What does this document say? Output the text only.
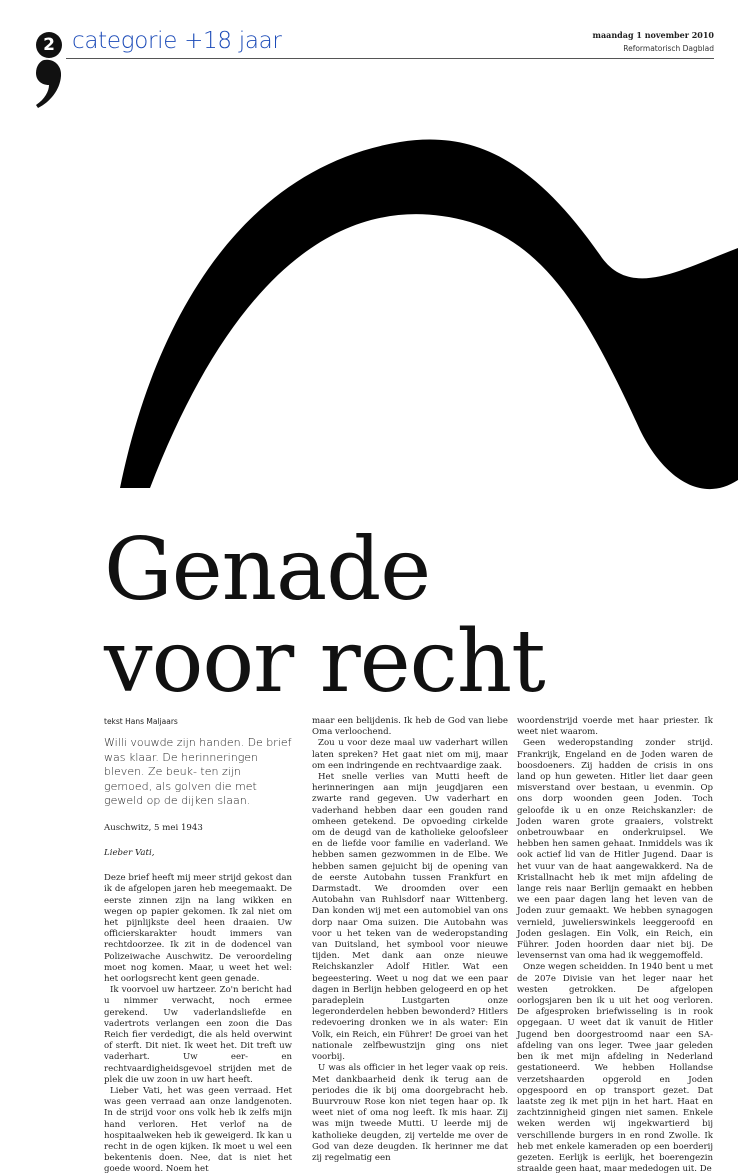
2 categorie +18 jaar	maandag 1 november 2010
Reformatorisch Dagblad
Genade
voor recht
tekst Hans Maljaars
Willi vouwde zijn handen. De brief was klaar. De herinneringen bleven. Ze beuk- ten zijn gemoed, als golven die met geweld op de dijken slaan.
Auschwitz, 5 mei 1943
Lieber Vati,

Deze brief heeft mij meer strijd gekost dan ik de afgelopen jaren heb meegemaakt. De eerste zinnen zijn na lang wikken en wegen op papier gekomen. Ik zal niet om het pijnlijkste deel heen draaien. Uw officierskarakter houdt immers van rechtdoorzee. Ik zit in de dodencel van Polizeiwache Auschwitz. De veroordeling moet nog komen. Maar, u weet het wel: het oorlogsrecht kent geen genade.

Ik voorvoel uw hartzeer. Zo'n bericht had u nimmer verwacht, noch ermee gerekend. Uw vaderlandsliefde en vadertrots verlangen een zoon die Das Reich fier verdedigt, die als held overwint of sterft. Dit niet. Ik weet het. Dit treft uw vaderhart. Uw eer- en rechtvaardigheidsgevoel strijden met de plek die uw zoon in uw hart heeft.

Lieber Vati, het was geen verraad. Het was geen verraad aan onze landgenoten. In de strijd voor ons volk heb ik zelfs mijn hand verloren. Het verlof na de hospitaalweken heb ik geweigerd. Ik kan u recht in de ogen kijken. Ik moet u wel een bekentenis doen. Nee, dat is niet het goede woord. Noem het

maar een belijdenis. Ik heb de God van liebe Oma verloochend.

Zou u voor deze maal uw vaderhart willen laten spreken? Het gaat niet om mij, maar om een indringende en rechtvaardige zaak.

Het snelle verlies van Mutti heeft de herinneringen aan mijn jeugdjaren een zwarte rand gegeven. Uw vaderhart en vaderhand hebben daar een gouden rand omheen getekend. De opvoeding cirkelde om de deugd van de katholieke geloofsleer en de liefde voor familie en vaderland. We hebben samen gezwommen in de Elbe. We hebben samen gejuicht bij de opening van de eerste Autobahn tussen Frankfurt en Darmstadt. We droomden over een Autobahn van Ruhlsdorf naar Wittenberg. Dan konden wij met een automobiel van ons dorp naar Oma suizen. Die Autobahn was voor u het teken van de wederopstanding van Duitsland, het symbool voor nieuwe tijden. Met dank aan onze nieuwe Reichskanzler Adolf Hitler. Wat een begeestering. Weet u nog dat we een paar dagen in Berlijn hebben gelogeerd en op het paradeplein Lustgarten onze legeronderdelen hebben bewonderd? Hitlers redevoering dronken we in als water: Ein Volk, ein Reich, ein Führer! De groei van het nationale zelfbewustzijn ging ons niet voorbij.

U was als officier in het leger vaak op reis. Met dankbaarheid denk ik terug aan de periodes die ik bij oma doorgebracht heb. Buurvrouw Rose kon niet tegen haar op. Ik weet niet of oma nog leeft. Ik mis haar. Zij was mijn tweede Mutti. U leerde mij de katholieke deugden, zij vertelde me over de God van deze deugden. Ik herinner me dat zij regelmatig een

woordenstrijd voerde met haar priester. Ik weet niet waarom.

Geen wederopstanding zonder strijd. Frankrijk, Engeland en de Joden waren de boosdoeners. Zij hadden de crisis in ons land op hun geweten. Hitler liet daar geen misverstand over bestaan, u evenmin. Op ons dorp woonden geen Joden. Toch geloofde ik u en onze Reichskanzler: de Joden waren grote graaiers, volstrekt onbetrouwbaar en onderkruipsel. We hebben hen samen gehaat. Inmiddels was ik ook actief lid van de Hitler Jugend. Daar is het vuur van de haat aangewakkerd. Na de Kristallnacht heb ik met mijn afdeling de lange reis naar Berlijn gemaakt en hebben we een paar dagen lang het leven van de Joden zuur gemaakt. We hebben synagogen vernield, juwelierswinkels leeggeroofd en Joden geslagen. Ein Volk, ein Reich, ein Führer. Joden hoorden daar niet bij. De levensernst van oma had ik weggemoffeld.

Onze wegen scheidden. In 1940 bent u met de 207e Divisie van het leger naar het westen getrokken. De afgelopen oorlogsjaren ben ik u uit het oog verloren. De afgesproken briefwisseling is in rook opgegaan. U weet dat ik vanuit de Hitler Jugend ben doorgestroomd naar een SA-afdeling van ons leger. Twee jaar geleden ben ik met mijn afdeling in Nederland gestationeerd. We hebben Hollandse verzetshaarden opgerold en Joden opgespoord en op transport gezet. Dat laatste zeg ik met pijn in het hart. Haat en zachtzinnigheid gingen niet samen. Enkele weken werden wij ingekwartierd bij verschillende burgers in en rond Zwolle. Ik heb met enkele kameraden op een boerderij gezeten. Eerlijk is eerlijk, het boerengezin straalde geen haat, maar mededogen uit. De
